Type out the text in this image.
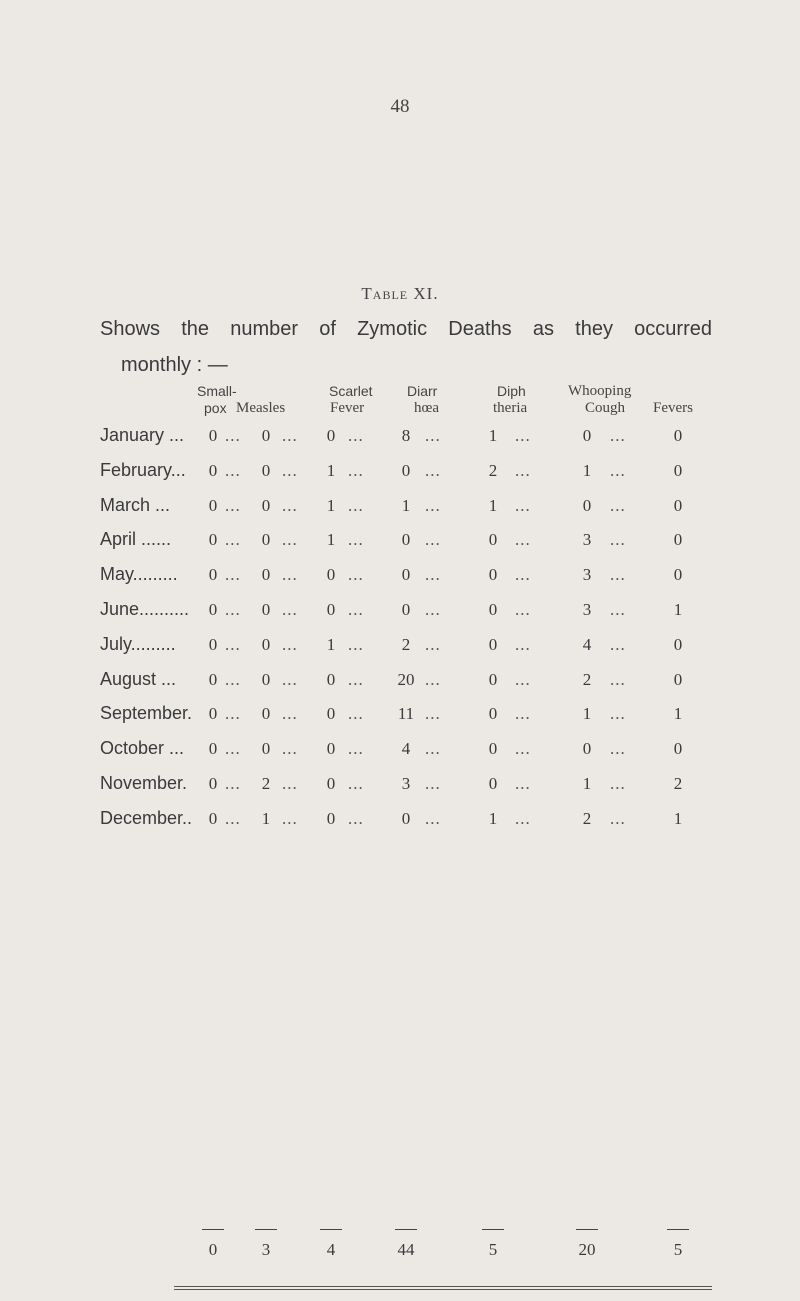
48
Table XI.
Shows the number of Zymotic Deaths as they occurred
monthly : —
Small-
pox Measles
Scarlet
Fever
Diarr
hœa
Diph
theria
Whooping
Cough Fevers
January ...	0	0	0	8	1	0	0
... ...	...	...	...	...
February...	0	0	1	0	2	1	0
... ...	...	...	...	...
March ...	0	0	1	1	1	0	0
... ...	...	...	...	...
April ......	0	0	1	0	0	3	0
... ...	...	...	...	...
May.........	0	0	0	0	0	3	0
... ...	...	...	...	...
June..........	0	0	0	0	0	3	1
... ...	...	...	...	...
July.........	0	0	1	2	0	4	0
... ...	...	...	...	...
August ...	0	0	0	20	0	2	0
... ...	...	...	...	...
September. 0	0	0	11	0	1	1
... ...	...	...	...	...
October ...	0	0	0	4	0	0	0
... ...	...	...	...	...
November.	0	2	0	3	0	1	2
... ...	...	...	...	...
December.. 0	1	0	0	1	2	1
... ...	...	...	...	...
0	3	4	44	5	20	5
